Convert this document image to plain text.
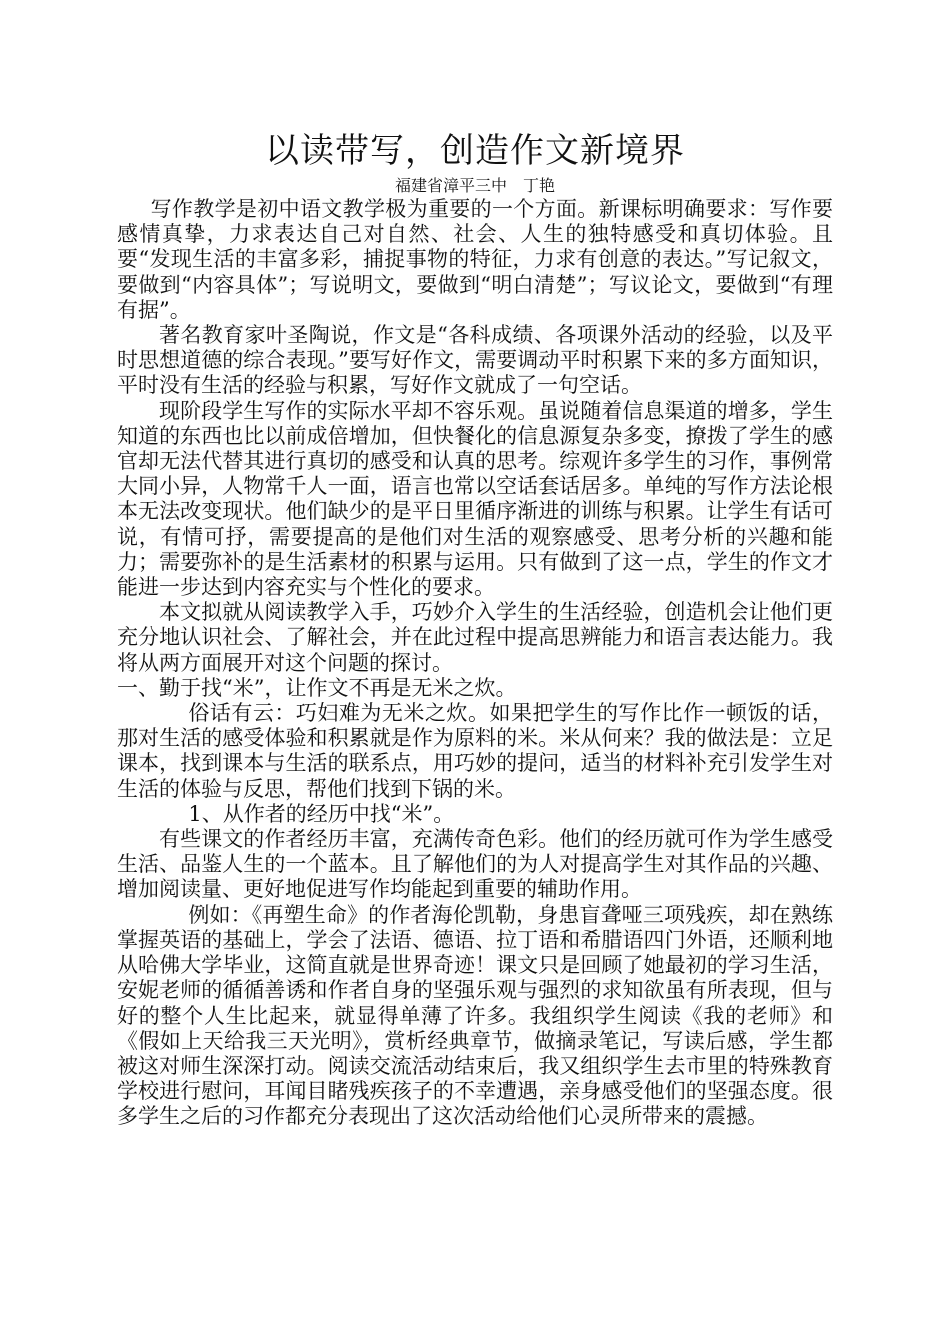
以读带写，创造作文新境界

福建省漳平三中　丁艳

写作教学是初中语文教学极为重要的一个方面。新课标明确要求：写作要感情真挚，力求表达自己对自然、社会、人生的独特感受和真切体验。且要“发现生活的丰富多彩，捕捉事物的特征，力求有创意的表达。”写记叙文，要做到“内容具体”；写说明文，要做到“明白清楚”；写议论文，要做到“有理有据”。

著名教育家叶圣陶说，作文是“各科成绩、各项课外活动的经验，以及平时思想道德的综合表现。”要写好作文，需要调动平时积累下来的多方面知识，平时没有生活的经验与积累，写好作文就成了一句空话。

现阶段学生写作的实际水平却不容乐观。虽说随着信息渠道的增多，学生知道的东西也比以前成倍增加，但快餐化的信息源复杂多变，撩拨了学生的感官却无法代替其进行真切的感受和认真的思考。综观许多学生的习作，事例常大同小异，人物常千人一面，语言也常以空话套话居多。单纯的写作方法论根本无法改变现状。他们缺少的是平日里循序渐进的训练与积累。让学生有话可说，有情可抒，需要提高的是他们对生活的观察感受、思考分析的兴趣和能力；需要弥补的是生活素材的积累与运用。只有做到了这一点，学生的作文才能进一步达到内容充实与个性化的要求。

本文拟就从阅读教学入手，巧妙介入学生的生活经验，创造机会让他们更充分地认识社会、了解社会，并在此过程中提高思辨能力和语言表达能力。我将从两方面展开对这个问题的探讨。

一、勤于找“米”，让作文不再是无米之炊。

俗话有云：巧妇难为无米之炊。如果把学生的写作比作一顿饭的话，那对生活的感受体验和积累就是作为原料的米。米从何来？我的做法是：立足课本，找到课本与生活的联系点，用巧妙的提问，适当的材料补充引发学生对生活的体验与反思，帮他们找到下锅的米。

1、从作者的经历中找“米”。

有些课文的作者经历丰富，充满传奇色彩。他们的经历就可作为学生感受生活、品鉴人生的一个蓝本。且了解他们的为人对提高学生对其作品的兴趣、增加阅读量、更好地促进写作均能起到重要的辅助作用。

例如：《再塑生命》的作者海伦凯勒，身患盲聋哑三项残疾，却在熟练掌握英语的基础上，学会了法语、德语、拉丁语和希腊语四门外语，还顺利地从哈佛大学毕业，这简直就是世界奇迹！课文只是回顾了她最初的学习生活，安妮老师的循循善诱和作者自身的坚强乐观与强烈的求知欲虽有所表现，但与好的整个人生比起来，就显得单薄了许多。我组织学生阅读《我的老师》和《假如上天给我三天光明》，赏析经典章节，做摘录笔记，写读后感，学生都被这对师生深深打动。阅读交流活动结束后，我又组织学生去市里的特殊教育学校进行慰问，耳闻目睹残疾孩子的不幸遭遇，亲身感受他们的坚强态度。很多学生之后的习作都充分表现出了这次活动给他们心灵所带来的震撼。
